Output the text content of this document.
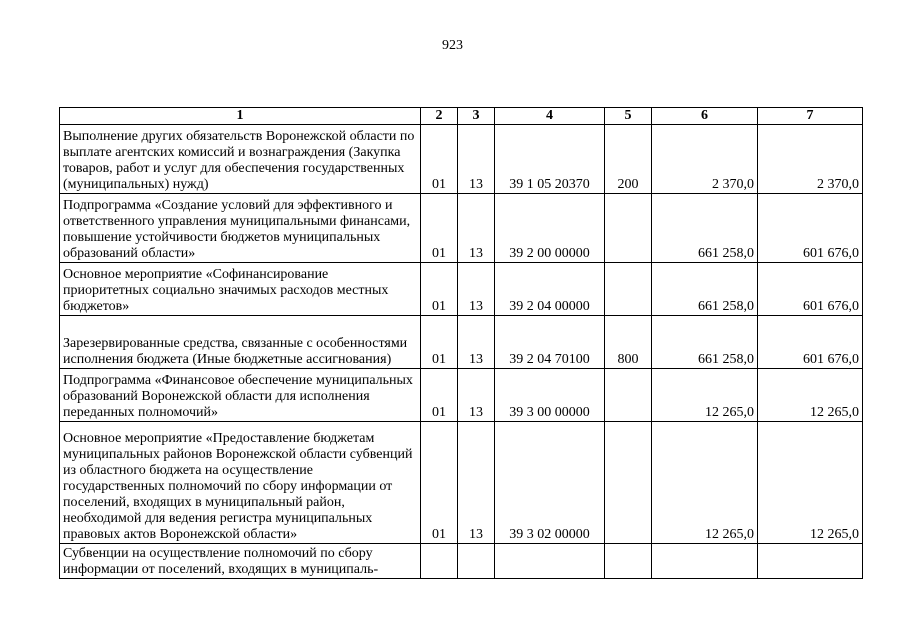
923
1	2	3	4	5	6	7
Выполнение других обязательств Воронежской области по выплате агентских комиссий и вознаграждения (Закупка товаров, работ и услуг для обеспечения государственных (муниципальных) нужд)	01	13	39 1 05 20370	200	2 370,0	2 370,0
Подпрограмма «Создание условий для эффективного и ответственного управления муниципальными финансами, повышение устойчивости бюджетов муниципальных образований области»	01	13	39 2 00 00000		661 258,0	601 676,0
Основное мероприятие «Софинансирование приоритетных социально значимых расходов местных бюджетов»	01	13	39 2 04 00000		661 258,0	601 676,0
Зарезервированные средства, связанные с особенностями исполнения бюджета (Иные бюджетные ассигнования)	01	13	39 2 04 70100	800	661 258,0	601 676,0
Подпрограмма «Финансовое обеспечение муниципальных образований Воронежской области для исполнения переданных полномочий»	01	13	39 3 00 00000		12 265,0	12 265,0
Основное мероприятие «Предоставление бюджетам муниципальных районов Воронежской области субвенций из областного бюджета на осуществление государственных полномочий по сбору информации от поселений, входящих в муниципальный район, необходимой для ведения регистра муниципальных правовых актов Воронежской области»	01	13	39 3 02 00000		12 265,0	12 265,0

Субвенции на осуществление полномочий по сбору информации от поселений, входящих в муниципаль-						
